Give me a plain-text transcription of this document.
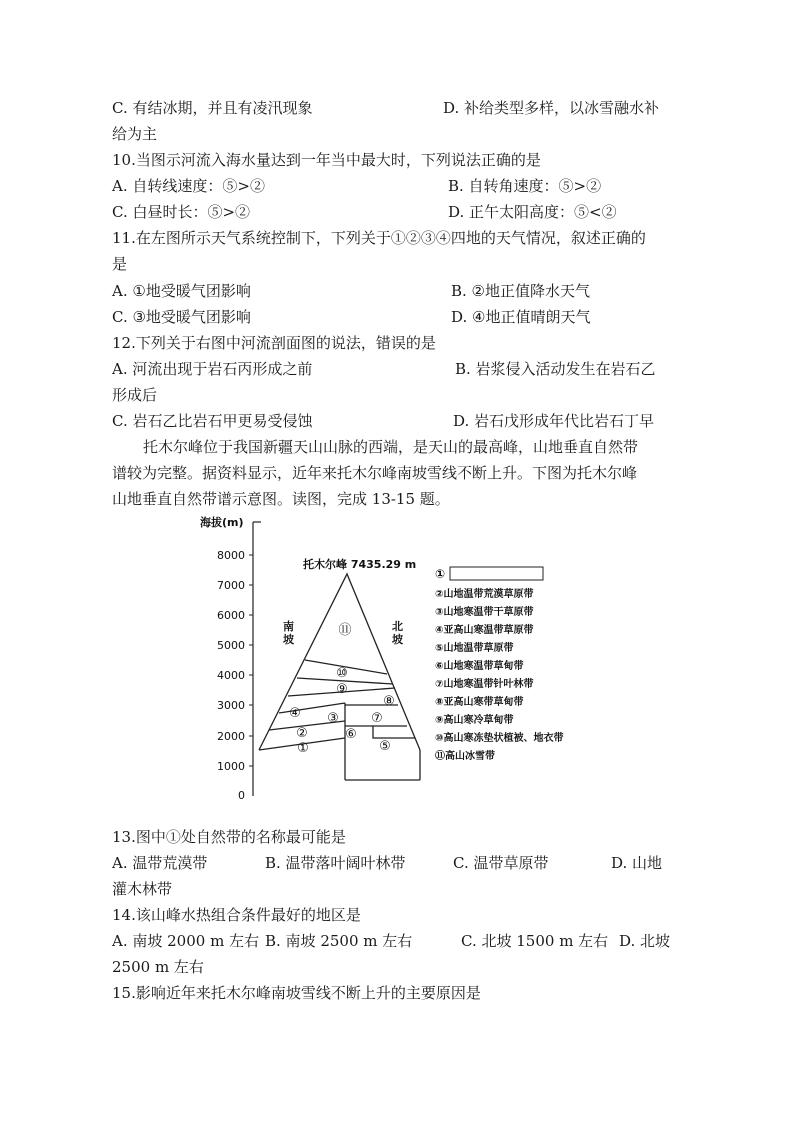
C. 有结冰期，并且有凌汛现象	D. 补给类型多样，以冰雪融水补
给为主
10.当图示河流入海水量达到一年当中最大时，下列说法正确的是
A. 自转线速度：⑤>②	B. 自转角速度：⑤>②
C. 白昼时长：⑤>②	D. 正午太阳高度：⑤<②
11.在左图所示天气系统控制下，下列关于①②③④四地的天气情况，叙述正确的
是
A. ①地受暖气团影响	B. ②地正值降水天气
C. ③地受暖气团影响	D. ④地正值晴朗天气
12.下列关于右图中河流剖面图的说法，错误的是
A. 河流出现于岩石丙形成之前	B. 岩浆侵入活动发生在岩石乙
形成后
C. 岩石乙比岩石甲更易受侵蚀	D. 岩石戊形成年代比岩石丁早
托木尔峰位于我国新疆天山山脉的西端，是天山的最高峰，山地垂直自然带
谱较为完整。据资料显示，近年来托木尔峰南坡雪线不断上升。下图为托木尔峰
山地垂直自然带谱示意图。读图，完成 13-15 题。
海拔(m)
8000
7000
6000
5000
4000
3000
2000
1000
0
托木尔峰 7435.29 m
南 坡
北 坡
⑪
⑩
⑨
⑧
④ ③ ⑦
②	⑥
①	⑤
①
②山地温带荒漠草原带
③山地寒温带干草原带
④亚高山寒温带草原带
⑤山地温带草原带
⑥山地寒温带草甸带
⑦山地寒温带针叶林带
⑧亚高山寒带草甸带
⑨高山寒冷草甸带
⑩高山寒冻垫状植被、地衣带
⑪高山冰雪带
13.图中①处自然带的名称最可能是
A. 温带荒漠带	B. 温带落叶阔叶林带	C. 温带草原带	D. 山地
灌木林带
14.该山峰水热组合条件最好的地区是
A. 南坡 2000 m 左右 B. 南坡 2500 m 左右	C. 北坡 1500 m 左右 D. 北坡
2500 m 左右
15.影响近年来托木尔峰南坡雪线不断上升的主要原因是
